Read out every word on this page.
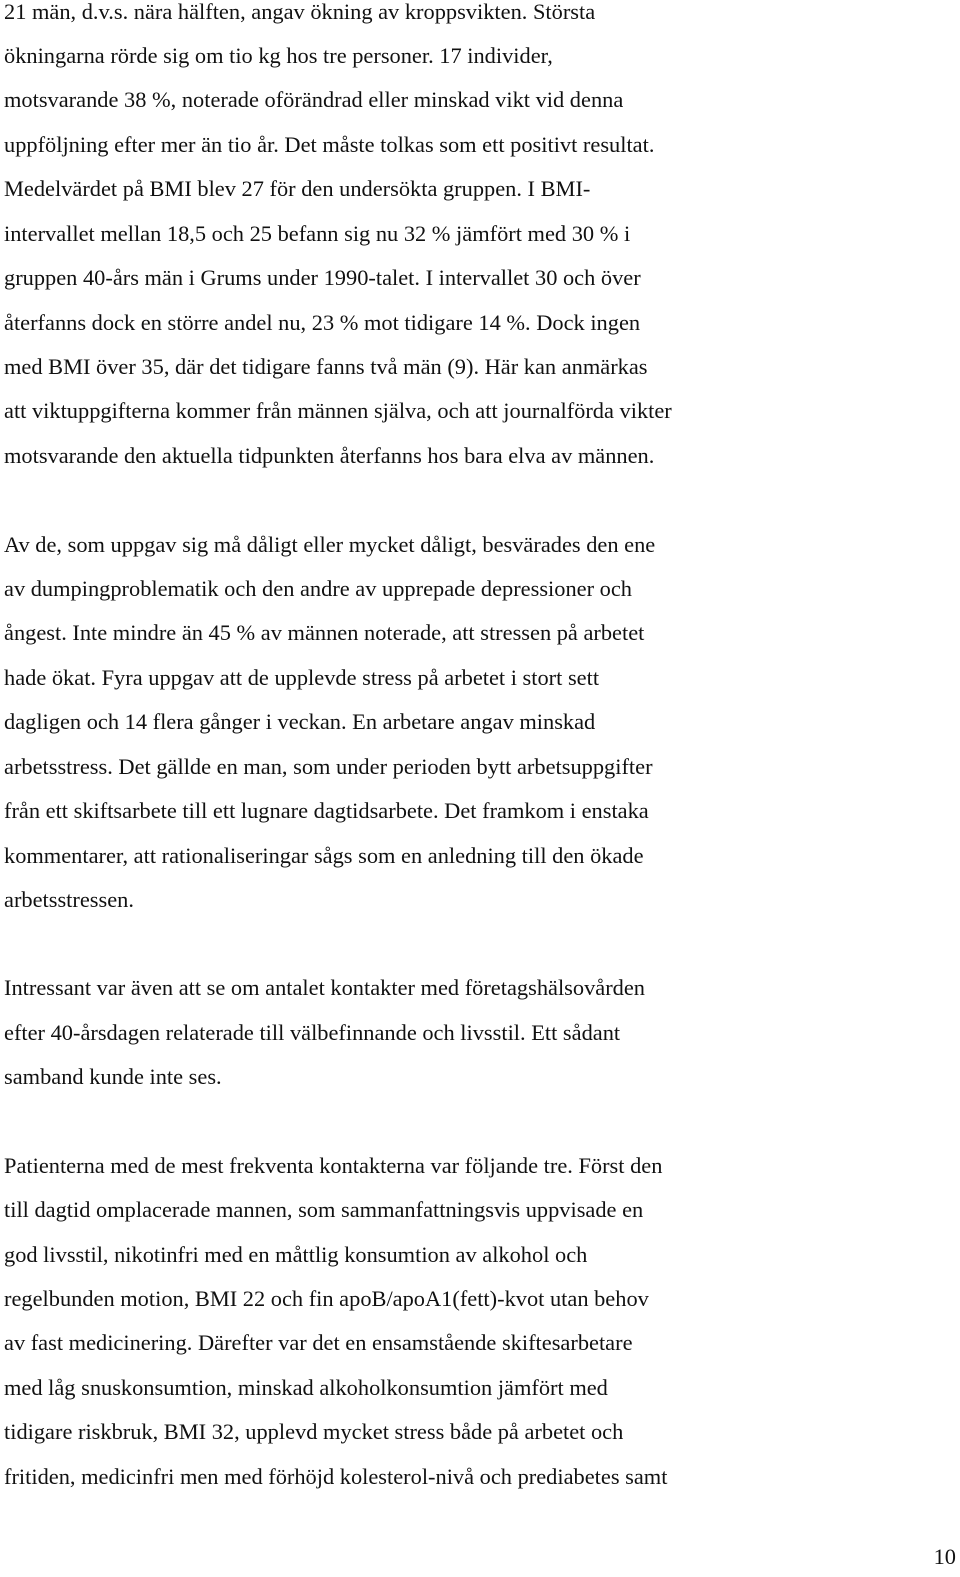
21 män, d.v.s. nära hälften, angav ökning av kroppsvikten. Största

ökningarna rörde sig om tio kg hos tre personer. 17 individer,

motsvarande 38 %, noterade oförändrad eller minskad vikt vid denna

uppföljning efter mer än tio år. Det måste tolkas som ett positivt resultat.

Medelvärdet på BMI blev 27 för den undersökta gruppen. I BMI-

intervallet mellan 18,5 och 25 befann sig nu 32 % jämfört med 30 % i

gruppen 40-års män i Grums under 1990-talet. I intervallet 30 och över

återfanns dock en större andel nu, 23 % mot tidigare 14 %. Dock ingen

med BMI över 35, där det tidigare fanns två män (9). Här kan anmärkas

att viktuppgifterna kommer från männen själva, och att journalförda vikter

motsvarande den aktuella tidpunkten återfanns hos bara elva av männen.

Av de, som uppgav sig må dåligt eller mycket dåligt, besvärades den ene

av dumpingproblematik och den andre av upprepade depressioner och

ångest. Inte mindre än 45 % av männen noterade, att stressen på arbetet

hade ökat. Fyra uppgav att de upplevde stress på arbetet i stort sett

dagligen och 14 flera gånger i veckan. En arbetare angav minskad

arbetsstress. Det gällde en man, som under perioden bytt arbetsuppgifter

från ett skiftsarbete till ett lugnare dagtidsarbete. Det framkom i enstaka

kommentarer, att rationaliseringar sågs som en anledning till den ökade

arbetsstressen.

Intressant var även att se om antalet kontakter med företagshälsovården

efter 40-årsdagen relaterade till välbefinnande och livsstil. Ett sådant

samband kunde inte ses.

Patienterna med de mest frekventa kontakterna var följande tre. Först den

till dagtid omplacerade mannen, som sammanfattningsvis uppvisade en

god livsstil, nikotinfri med en måttlig konsumtion av alkohol och

regelbunden motion, BMI 22 och fin apoB/apoA1(fett)-kvot utan behov

av fast medicinering. Därefter var det en ensamstående skiftesarbetare

med låg snuskonsumtion, minskad alkoholkonsumtion jämfört med

tidigare riskbruk, BMI 32, upplevd mycket stress både på arbetet och

fritiden, medicinfri men med förhöjd kolesterol-nivå och prediabetes samt

10
